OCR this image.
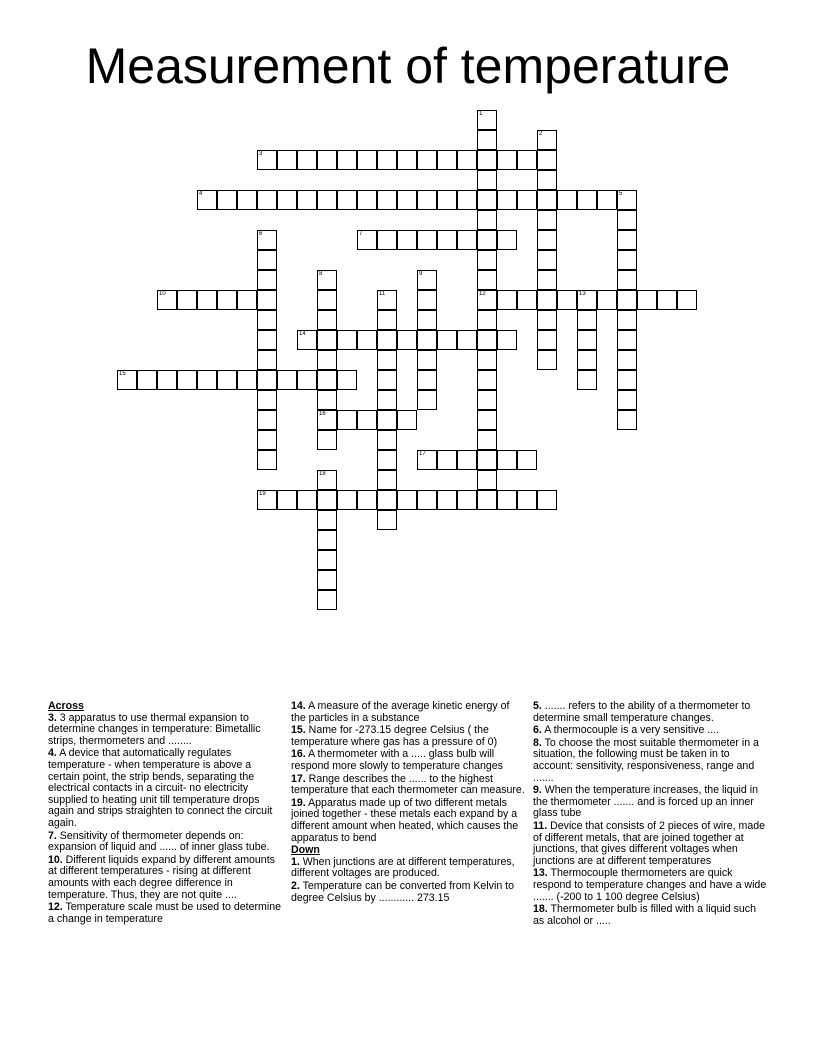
Measurement of temperature
1
12
2
3
4	5
6	7
8
16
9
10	11	13
14
15
17
18
19

Across

3. 3 apparatus to use thermal expansion to determine changes in temperature: Bimetallic strips, thermometers and ........

4. A device that automatically regulates temperature - when temperature is above a certain point, the strip bends, separating the electrical contacts in a circuit- no electricity supplied to heating unit till temperature drops again and strips straighten to connect the circuit again.

7. Sensitivity of thermometer depends on: expansion of liquid and ...... of inner glass tube.

10. Different liquids expand by different amounts at different temperatures - rising at different amounts with each degree difference in temperature. Thus, they are not quite ....

12. Temperature scale must be used to determine a change in temperature

14. A measure of the average kinetic energy of the particles in a substance

15. Name for -273.15 degree Celsius ( the temperature where gas has a pressure of 0)

16. A thermometer with a ..... glass bulb will respond more slowly to temperature changes

17. Range describes the ...... to the highest temperature that each thermometer can measure.

19. Apparatus made up of two different metals joined together - these metals each expand by a different amount when heated, which causes the apparatus to bend

Down

1. When junctions are at different temperatures, different voltages are produced.

2. Temperature can be converted from Kelvin to degree Celsius by ............ 273.15

5. ....... refers to the ability of a thermometer to determine small temperature changes.

6. A thermocouple is a very sensitive ....

8. To choose the most suitable thermometer in a situation, the following must be taken in to account: sensitivity, responsiveness, range and .......

9. When the temperature increases, the liquid in the thermometer ....... and is forced up an inner glass tube

11. Device that consists of 2 pieces of wire, made of different metals, that are joined together at junctions, that gives different voltages when junctions are at different temperatures

13. Thermocouple thermometers are quick respond to temperature changes and have a wide ....... (-200 to 1 100 degree Celsius)

18. Thermometer bulb is filled with a liquid such as alcohol or .....
